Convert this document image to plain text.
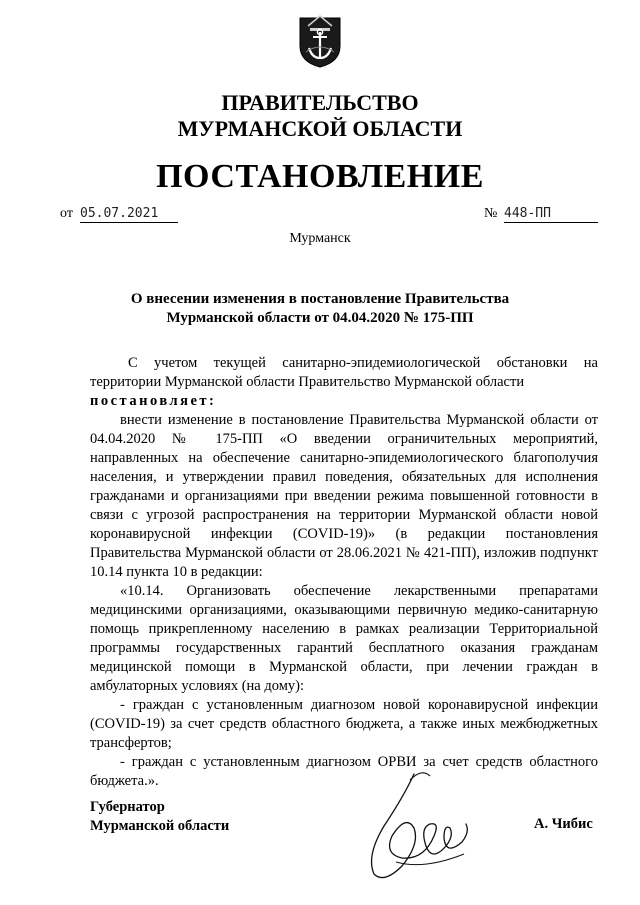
ПРАВИТЕЛЬСТВО
МУРМАНСКОЙ ОБЛАСТИ
ПОСТАНОВЛЕНИЕ
от 05.07.2021	№ 448-ПП
Мурманск
О внесении изменения в постановление Правительства
Мурманской области от 04.04.2020 № 175-ПП

С учетом текущей санитарно-эпидемиологической обстановки на территории Мурманской области Правительство Мурманской области

постановляет:

внести изменение в постановление Правительства Мурманской области от 04.04.2020 № 175-ПП «О введении ограничительных мероприятий, направленных на обеспечение санитарно-эпидемиологического благополучия населения, и утверждении правил поведения, обязательных для исполнения гражданами и организациями при введении режима повышенной готовности в связи с угрозой распространения на территории Мурманской области новой коронавирусной инфекции (COVID-19)» (в редакции постановления Правительства Мурманской области от 28.06.2021 № 421-ПП), изложив подпункт 10.14 пункта 10 в редакции:

«10.14. Организовать обеспечение лекарственными препаратами медицинскими организациями, оказывающими первичную медико-санитарную помощь прикрепленному населению в рамках реализации Территориальной программы государственных гарантий бесплатного оказания гражданам медицинской помощи в Мурманской области, при лечении граждан в амбулаторных условиях (на дому):

- граждан с установленным диагнозом новой коронавирусной инфекции (COVID-19) за счет средств областного бюджета, а также иных межбюджетных трансфертов;

- граждан с установленным диагнозом ОРВИ за счет средств областного бюджета.».

Губернатор
Мурманской области	А. Чибис
